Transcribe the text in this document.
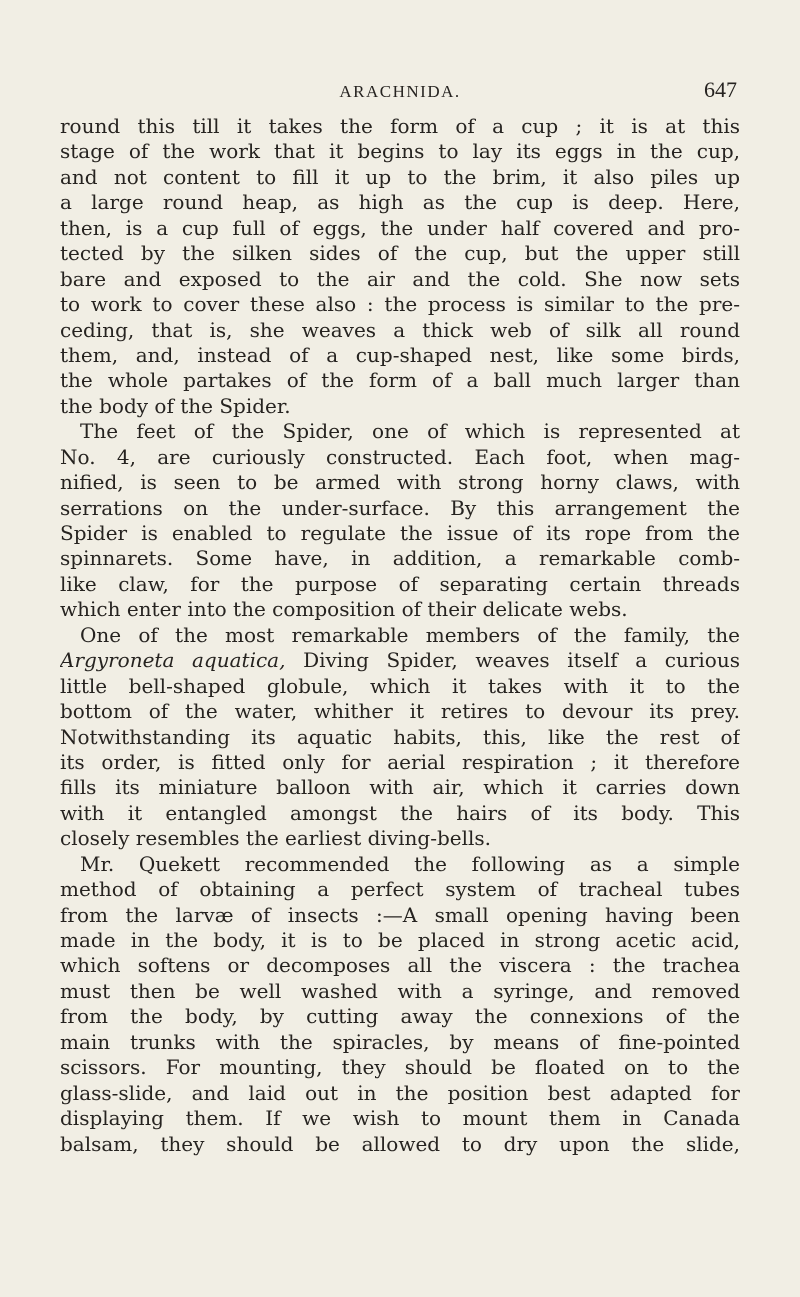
ARACHNIDA.	647
round this till it takes the form of a cup ; it is at this
stage of the work that it begins to lay its eggs in the cup,
and not content to fill it up to the brim, it also piles up
a large round heap, as high as the cup is deep. Here,
then, is a cup full of eggs, the under half covered and pro-
tected by the silken sides of the cup, but the upper still
bare and exposed to the air and the cold. She now sets
to work to cover these also : the process is similar to the pre-
ceding, that is, she weaves a thick web of silk all round
them, and, instead of a cup-shaped nest, like some birds,
the whole partakes of the form of a ball much larger than
the body of the Spider.
The feet of the Spider, one of which is represented at
No. 4, are curiously constructed. Each foot, when mag-
nified, is seen to be armed with strong horny claws, with
serrations on the under-surface. By this arrangement the
Spider is enabled to regulate the issue of its rope from the
spinnarets. Some have, in addition, a remarkable comb-
like claw, for the purpose of separating certain threads
which enter into the composition of their delicate webs.
One of the most remarkable members of the family, the
Argyroneta aquatica, Diving Spider, weaves itself a curious
little bell-shaped globule, which it takes with it to the
bottom of the water, whither it retires to devour its prey.
Notwithstanding its aquatic habits, this, like the rest of
its order, is fitted only for aerial respiration ; it therefore
fills its miniature balloon with air, which it carries down
with it entangled amongst the hairs of its body. This
closely resembles the earliest diving-bells.
Mr. Quekett recommended the following as a simple
method of obtaining a perfect system of tracheal tubes
from the larvæ of insects :—A small opening having been
made in the body, it is to be placed in strong acetic acid,
which softens or decomposes all the viscera : the trachea
must then be well washed with a syringe, and removed
from the body, by cutting away the connexions of the
main trunks with the spiracles, by means of fine-pointed
scissors. For mounting, they should be floated on to the
glass-slide, and laid out in the position best adapted for
displaying them. If we wish to mount them in Canada
balsam, they should be allowed to dry upon the slide,
